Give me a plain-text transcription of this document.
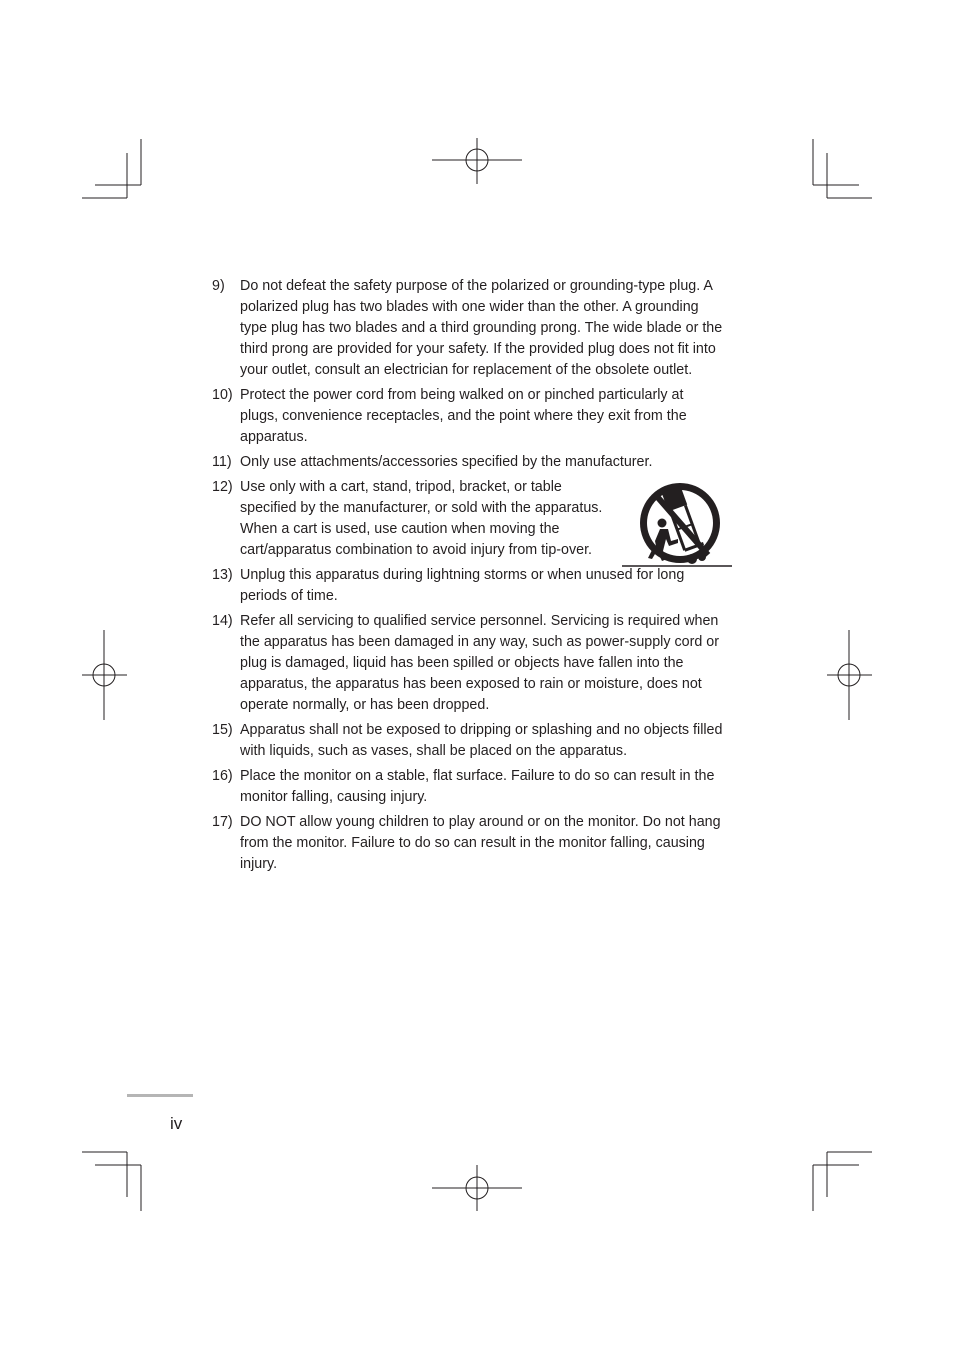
9)	Do not defeat the safety purpose of the polarized or grounding-type plug. A polarized plug has two blades with one wider than the other. A grounding type plug has two blades and a third grounding prong. The wide blade or the third prong are provided for your safety. If the provided plug does not fit into your outlet, consult an electrician for replacement of the obsolete outlet.
10) Protect the power cord from being walked on or pinched particularly at plugs, convenience receptacles, and the point where they exit from the apparatus.
11) Only use attachments/accessories specified by the manufacturer.
12) Use only with a cart, stand, tripod, bracket, or table specified by the manufacturer, or sold with the apparatus. When a cart is used, use caution when moving the cart/apparatus combination to avoid injury from tip-over.
13) Unplug this apparatus during lightning storms or when unused for long periods of time.
14) Refer all servicing to qualified service personnel. Servicing is required when the apparatus has been damaged in any way, such as power-supply cord or plug is damaged, liquid has been spilled or objects have fallen into the apparatus, the apparatus has been exposed to rain or moisture, does not operate normally, or has been dropped.
15) Apparatus shall not be exposed to dripping or splashing and no objects filled with liquids, such as vases, shall be placed on the apparatus.
16) Place the monitor on a stable, flat surface. Failure to do so can result in the monitor falling, causing injury.
17) DO NOT allow young children to play around or on the monitor. Do not hang from the monitor. Failure to do so can result in the monitor falling, causing injury.
iv
